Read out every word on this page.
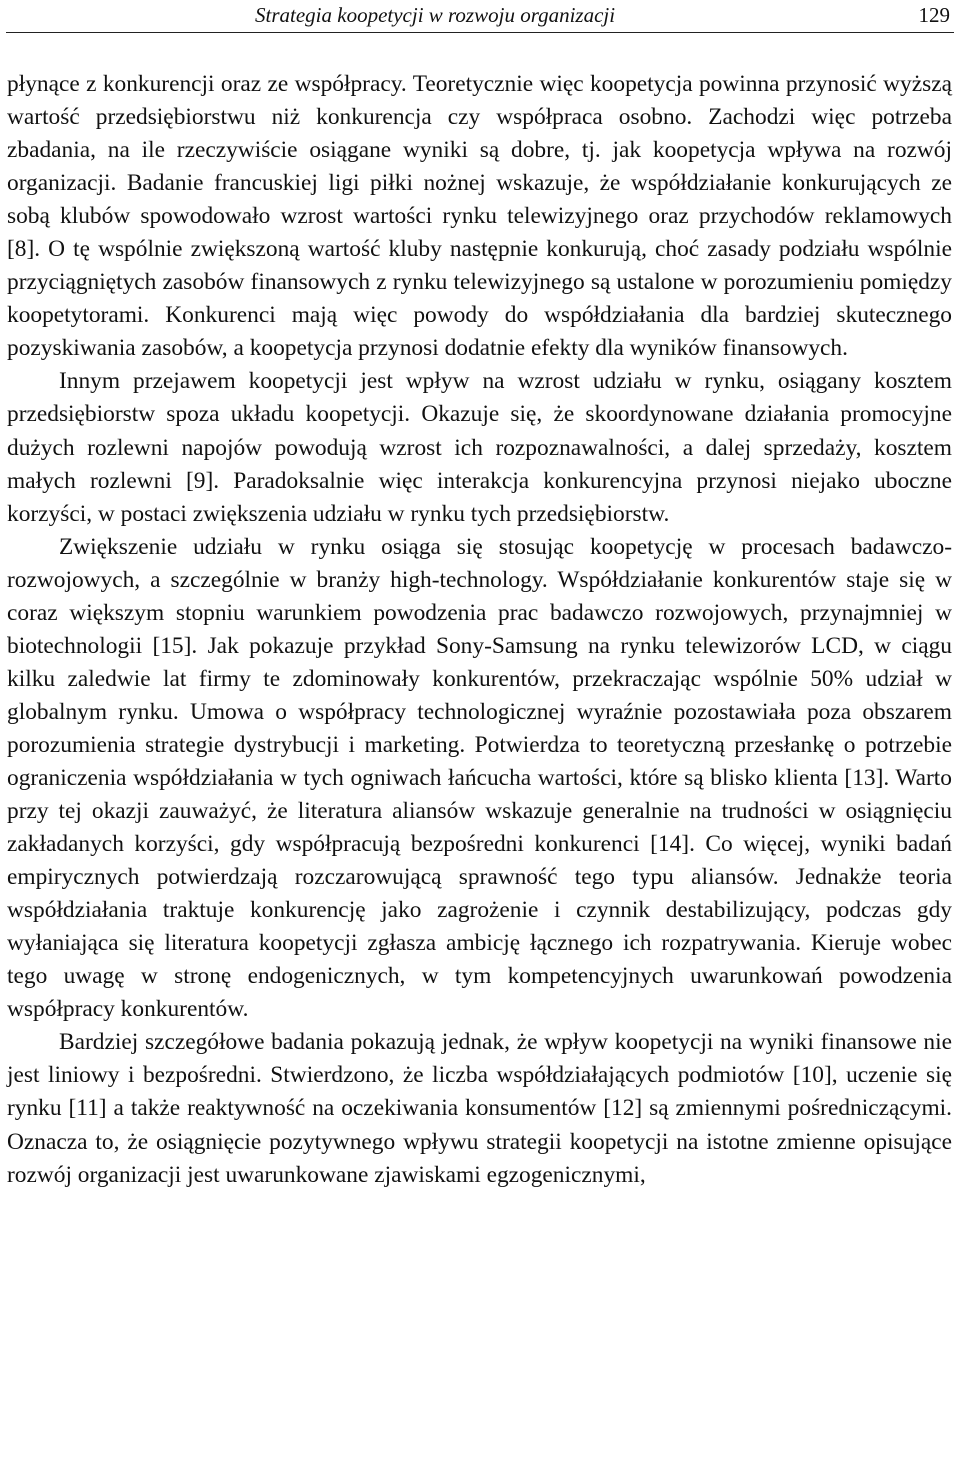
Strategia koopetycji w rozwoju organizacji	129

płynące z konkurencji oraz ze współpracy. Teoretycznie więc koopetycja powinna przynosić wyższą wartość przedsiębiorstwu niż konkurencja czy współpraca osobno. Zachodzi więc potrzeba zbadania, na ile rzeczywiście osiągane wyniki są dobre, tj. jak koopetycja wpływa na rozwój organizacji. Badanie francuskiej ligi piłki nożnej wskazuje, że współdziałanie konkurujących ze sobą klubów spowodowało wzrost wartości rynku telewizyjnego oraz przychodów reklamowych [8]. O tę wspólnie zwiększoną wartość kluby następnie konkurują, choć zasady podziału wspólnie przyciągniętych zasobów finansowych z rynku telewizyjnego są ustalone w porozumieniu pomiędzy koopetytorami. Konkurenci mają więc powody do współdziałania dla bardziej skutecznego pozyskiwania zasobów, a koopetycja przynosi dodatnie efekty dla wyników finansowych.

Innym przejawem koopetycji jest wpływ na wzrost udziału w rynku, osiągany kosztem przedsiębiorstw spoza układu koopetycji. Okazuje się, że skoordynowane działania promocyjne dużych rozlewni napojów powodują wzrost ich rozpoznawalności, a dalej sprzedaży, kosztem małych rozlewni [9]. Paradoksalnie więc interakcja konkurencyjna przynosi niejako uboczne korzyści, w postaci zwiększenia udziału w rynku tych przedsiębiorstw.

Zwiększenie udziału w rynku osiąga się stosując koopetycję w procesach badawczo-rozwojowych, a szczególnie w branży high-technology. Współdziałanie konkurentów staje się w coraz większym stopniu warunkiem powodzenia prac badawczo rozwojowych, przynajmniej w biotechnologii [15]. Jak pokazuje przykład Sony-Samsung na rynku telewizorów LCD, w ciągu kilku zaledwie lat firmy te zdominowały konkurentów, przekraczając wspólnie 50% udział w globalnym rynku. Umowa o współpracy technologicznej wyraźnie pozostawiała poza obszarem porozumienia strategie dystrybucji i marketing. Potwierdza to teoretyczną przesłankę o potrzebie ograniczenia współdziałania w tych ogniwach łańcucha wartości, które są blisko klienta [13]. Warto przy tej okazji zauważyć, że literatura aliansów wskazuje generalnie na trudności w osiągnięciu zakładanych korzyści, gdy współpracują bezpośredni konkurenci [14]. Co więcej, wyniki badań empirycznych potwierdzają rozczarowującą sprawność tego typu aliansów. Jednakże teoria współdziałania traktuje konkurencję jako zagrożenie i czynnik destabilizujący, podczas gdy wyłaniająca się literatura koopetycji zgłasza ambicję łącznego ich rozpatrywania. Kieruje wobec tego uwagę w stronę endogenicznych, w tym kompetencyjnych uwarunkowań powodzenia współpracy konkurentów.

Bardziej szczegółowe badania pokazują jednak, że wpływ koopetycji na wyniki finansowe nie jest liniowy i bezpośredni. Stwierdzono, że liczba współdziałających podmiotów [10], uczenie się rynku [11] a także reaktywność na oczekiwania konsumentów [12] są zmiennymi pośredniczącymi. Oznacza to, że osiągnięcie pozytywnego wpływu strategii koopetycji na istotne zmienne opisujące rozwój organizacji jest uwarunkowane zjawiskami egzogenicznymi,
